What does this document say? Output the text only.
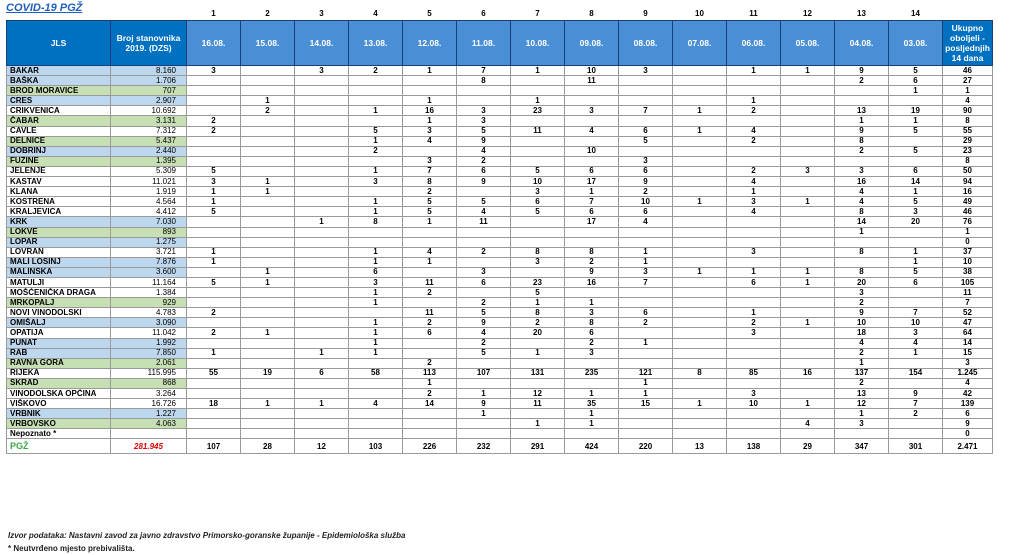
COVID-19 PGŽ
			1	2	3	4	5	6	7	8	9	10	11	12	13	14	
JLS	Broj stanovnika 2019. (DZS)	16.08.	15.08.	14.08.	13.08.	12.08.	11.08.	10.08.	09.08.	08.08.	07.08.	06.08.	05.08.	04.08.	03.08.	Ukupno oboljeli - posljednjih 14 dana
BAKAR	8.160	3		3	2	1	7	1	10	3		1	1	9	5	46
BAŠKA	1.706						8		11					2	6	27
BROD MORAVICE	707														1	1
CRES	2.907		1			1		1				1				4
CRIKVENICA	10.692		2		1	16	3	23	3	7	1	2		13	19	90
ČABAR	3.131	2				1	3							1	1	8
ČAVLE	7.312	2			5	3	5	11	4	6	1	4		9	5	55
DELNICE	5.437				1	4	9			5		2		8		29
DOBRINJ	2.440				2		4		10					2	5	23
FUŽINE	1.395					3	2			3						8
JELENJE	5.309	5			1	7	6	5	6	6		2	3	3	6	50
KASTAV	11.021	3	1		3	8	9	10	17	9		4		16	14	94
KLANA	1.919	1	1			2		3	1	2		1		4	1	16
KOSTRENA	4.564	1			1	5	5	6	7	10	1	3	1	4	5	49
KRALJEVICA	4.412	5			1	5	4	5	6	6		4		8	3	46
KRK	7.030			1	8	1	11		17	4				14	20	76
LOKVE	893													1		1
LOPAR	1.275															0
LOVRAN	3.721	1			1	4	2	8	8	1		3		8	1	37
MALI LOŠINJ	7.876	1			1	1		3	2	1					1	10
MALINSKA	3.600		1		6		3		9	3	1	1	1	8	5	38
MATULJI	11.164	5	1		3	11	6	23	16	7		6	1	20	6	105
MOŠĆENIČKA DRAGA	1.384				1	2		5						3		11
MRKOPALJ	929				1		2	1	1					2		7
NOVI VINODOLSKI	4.783	2				11	5	8	3	6		1		9	7	52
OMIŠALJ	3.090				1	2	9	2	8	2		2	1	10	10	47
OPATIJA	11.042	2	1		1	6	4	20	6			3		18	3	64
PUNAT	1.992				1		2		2	1				4	4	14
RAB	7.850	1		1	1		5	1	3					2	1	15
RAVNA GORA	2.061					2								1		3
RIJEKA	115.995	55	19	6	58	113	107	131	235	121	8	85	16	137	154	1.245
SKRAD	868					1				1				2		4
VINODOLSKA OPĆINA	3.264					2	1	12	1	1		3		13	9	42
VIŠKOVO	16.726	18	1	1	4	14	9	11	35	15	1	10	1	12	7	139
VRBNIK	1.227						1		1					1	2	6
VRBOVSKO	4.063							1	1				4	3		9
Nepoznato *																0
PGŽ	281.945	107	28	12	103	226	232	291	424	220	13	138	29	347	301	2.471
Izvor podataka: Nastavni zavod za javno zdravstvo Primorsko-goranske županije - Epidemiološka služba
* Neutvrđeno mjesto prebivališta.
